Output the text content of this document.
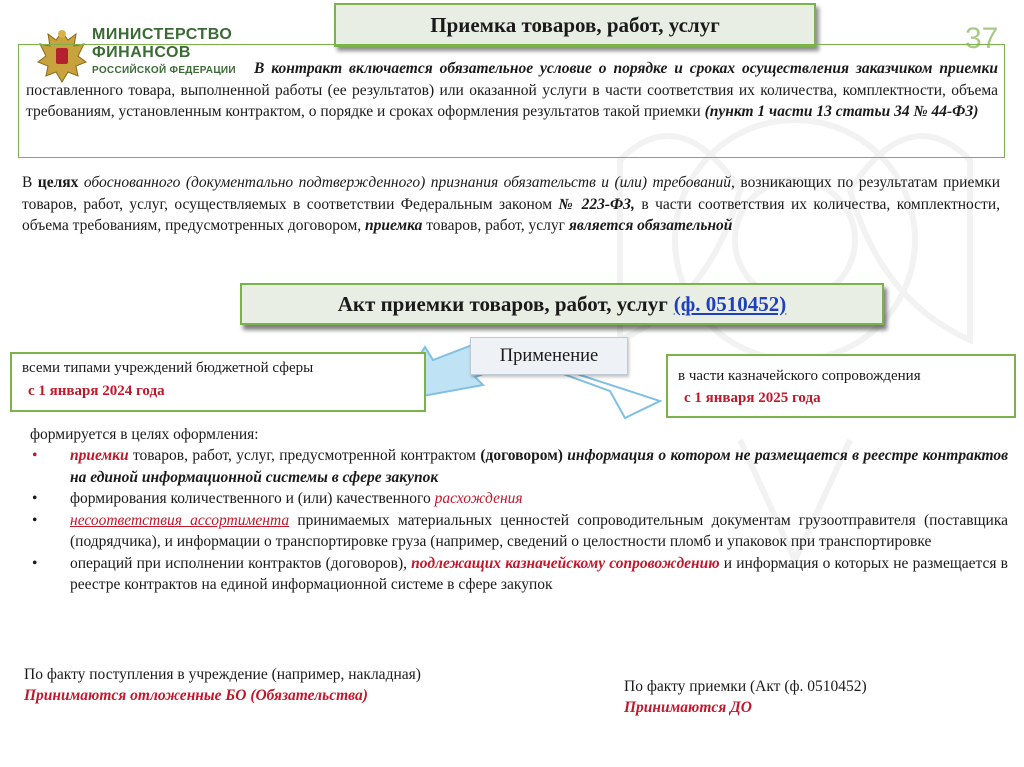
МИНИСТЕРСТВО
ФИНАНСОВ
РОССИЙСКОЙ ФЕДЕРАЦИИ
Приемка товаров, работ, услуг	37
В контракт включается обязательное условие о порядке и сроках осуществления заказчиком приемки поставленного товара, выполненной работы (ее результатов) или оказанной услуги в части соответствия их количества, комплектности, объема требованиям, установленным контрактом, о порядке и сроках оформления результатов такой приемки (пункт 1 части 13 статьи 34 № 44-ФЗ)
В целях обоснованного (документально подтвержденного) признания обязательств и (или) требований, возникающих по результатам приемки товаров, работ, услуг, осуществляемых в соответствии Федеральным законом № 223-ФЗ, в части соответствия их количества, комплектности, объема требованиям, предусмотренных договором, приемка товаров, работ, услуг является обязательной
Акт приемки товаров, работ, услуг (ф. 0510452)
Применение
всеми типами учреждений бюджетной сферы
с 1 января 2024 года
в части казначейского сопровождения
с 1 января 2025 года
формируется в целях оформления:
• приемки товаров, работ, услуг, предусмотренной контрактом (договором) информация о котором не размещается в реестре контрактов на единой информационной системы в сфере закупок
• формирования количественного и (или) качественного расхождения
• несоответствия ассортимента принимаемых материальных ценностей сопроводительным документам грузоотправителя (поставщика (подрядчика), и информации о транспортировке груза (например, сведений о целостности пломб и упаковок при транспортировке
• операций при исполнении контрактов (договоров), подлежащих казначейскому сопровождению и информация о которых не размещается в реестре контрактов на единой информационной системе в сфере закупок
По факту поступления в учреждение (например, накладная) Принимаются отложенные БО (Обязательства)
По факту приемки (Акт (ф. 0510452)
Принимаются ДО
